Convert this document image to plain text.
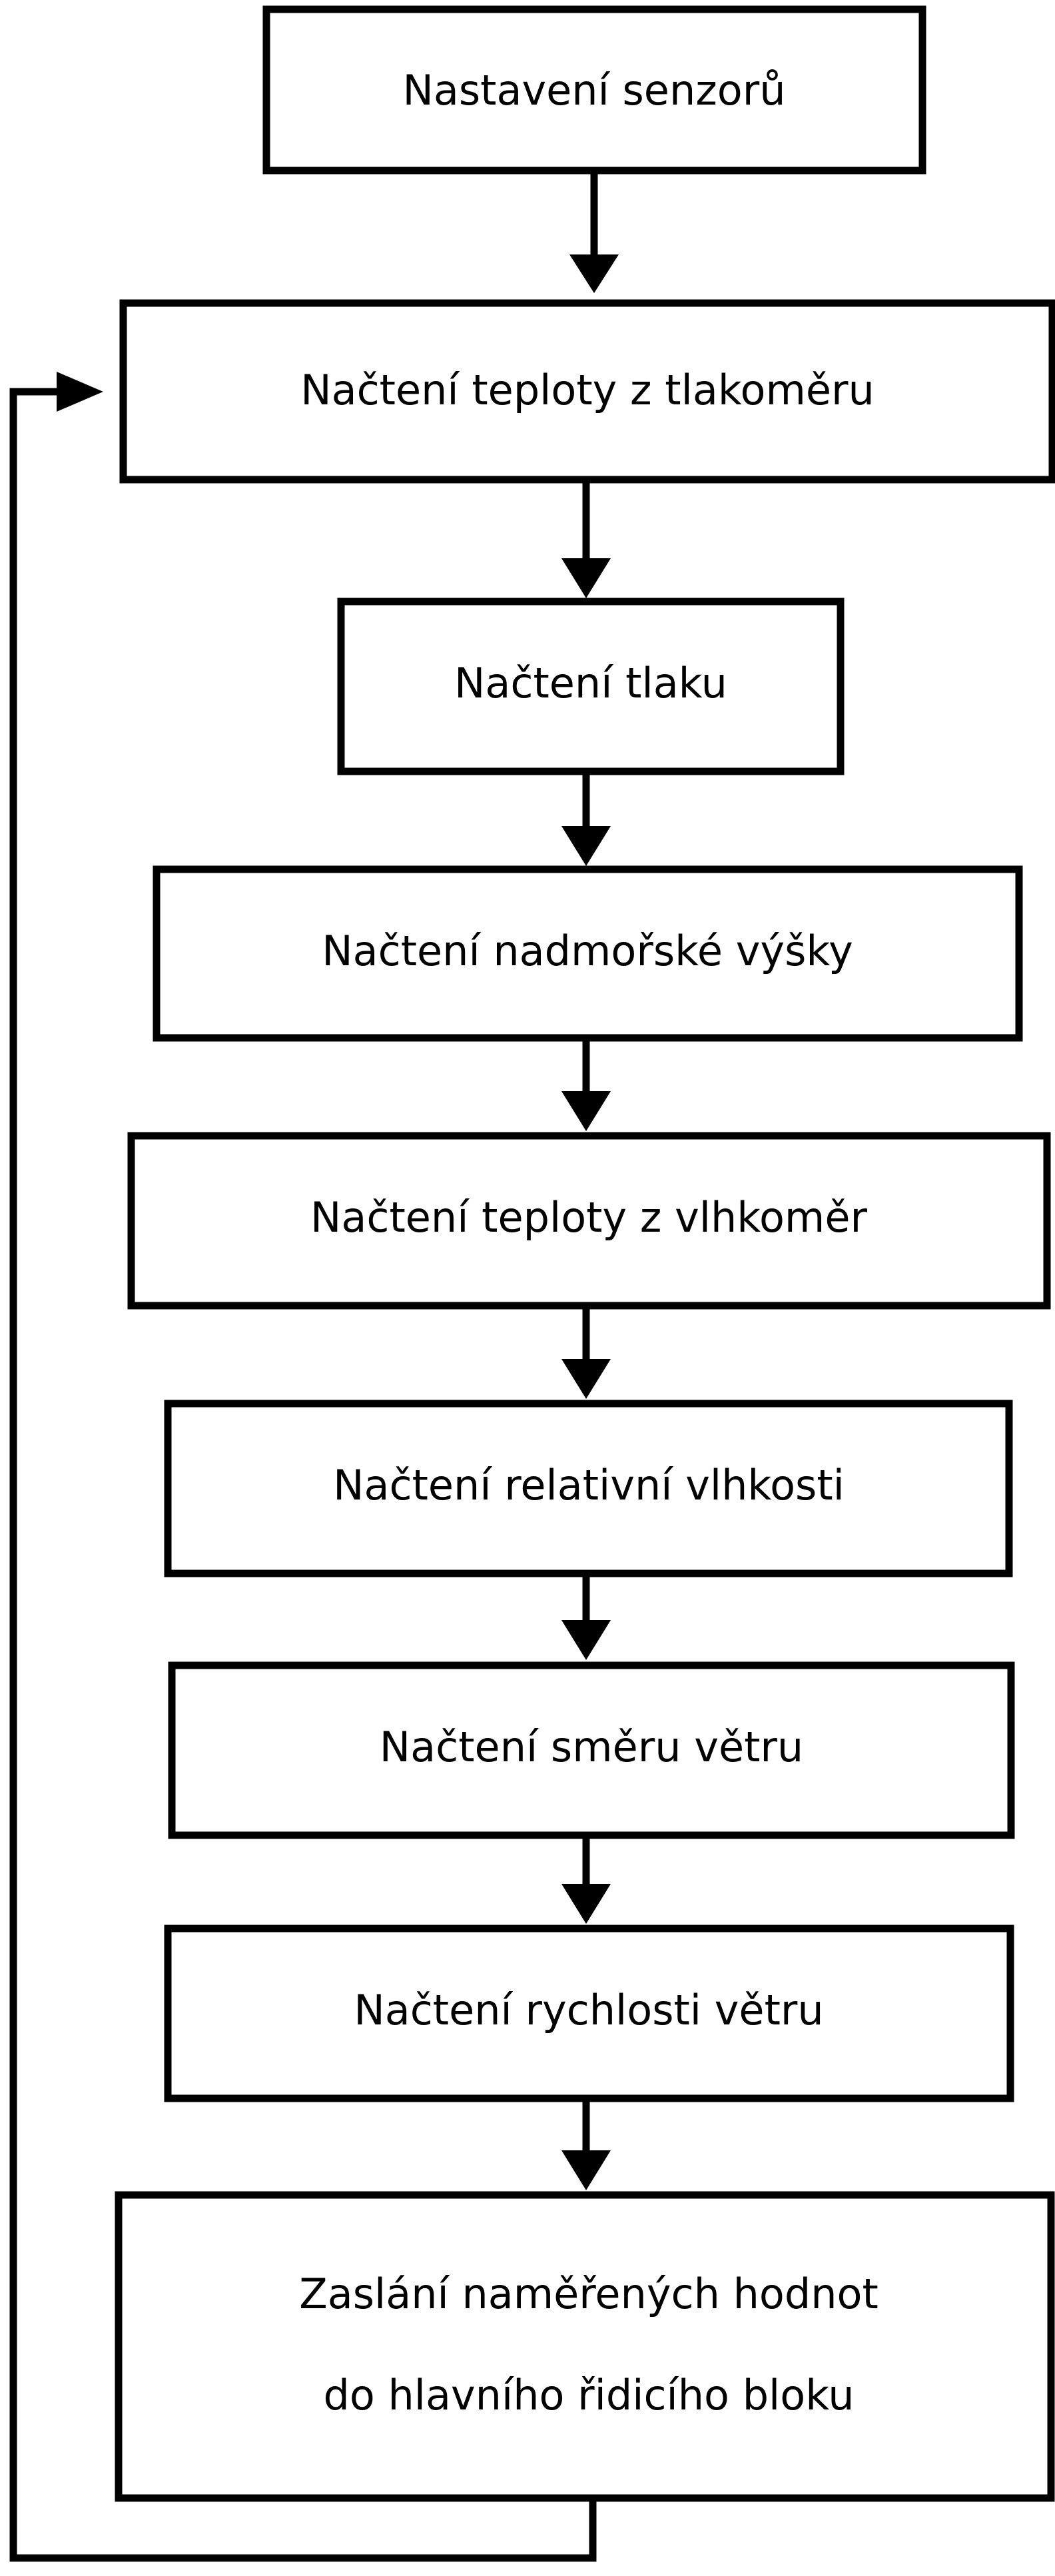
Nastavení senzorů
Načtení teploty z tlakoměru
Načtení tlaku
Načtení nadmořské výšky
Načtení teploty z vlhkoměr
Načtení relativní vlhkosti
Načtení směru větru
Načtení rychlosti větru
Zaslání naměřených hodnot
do hlavního řidicího bloku
